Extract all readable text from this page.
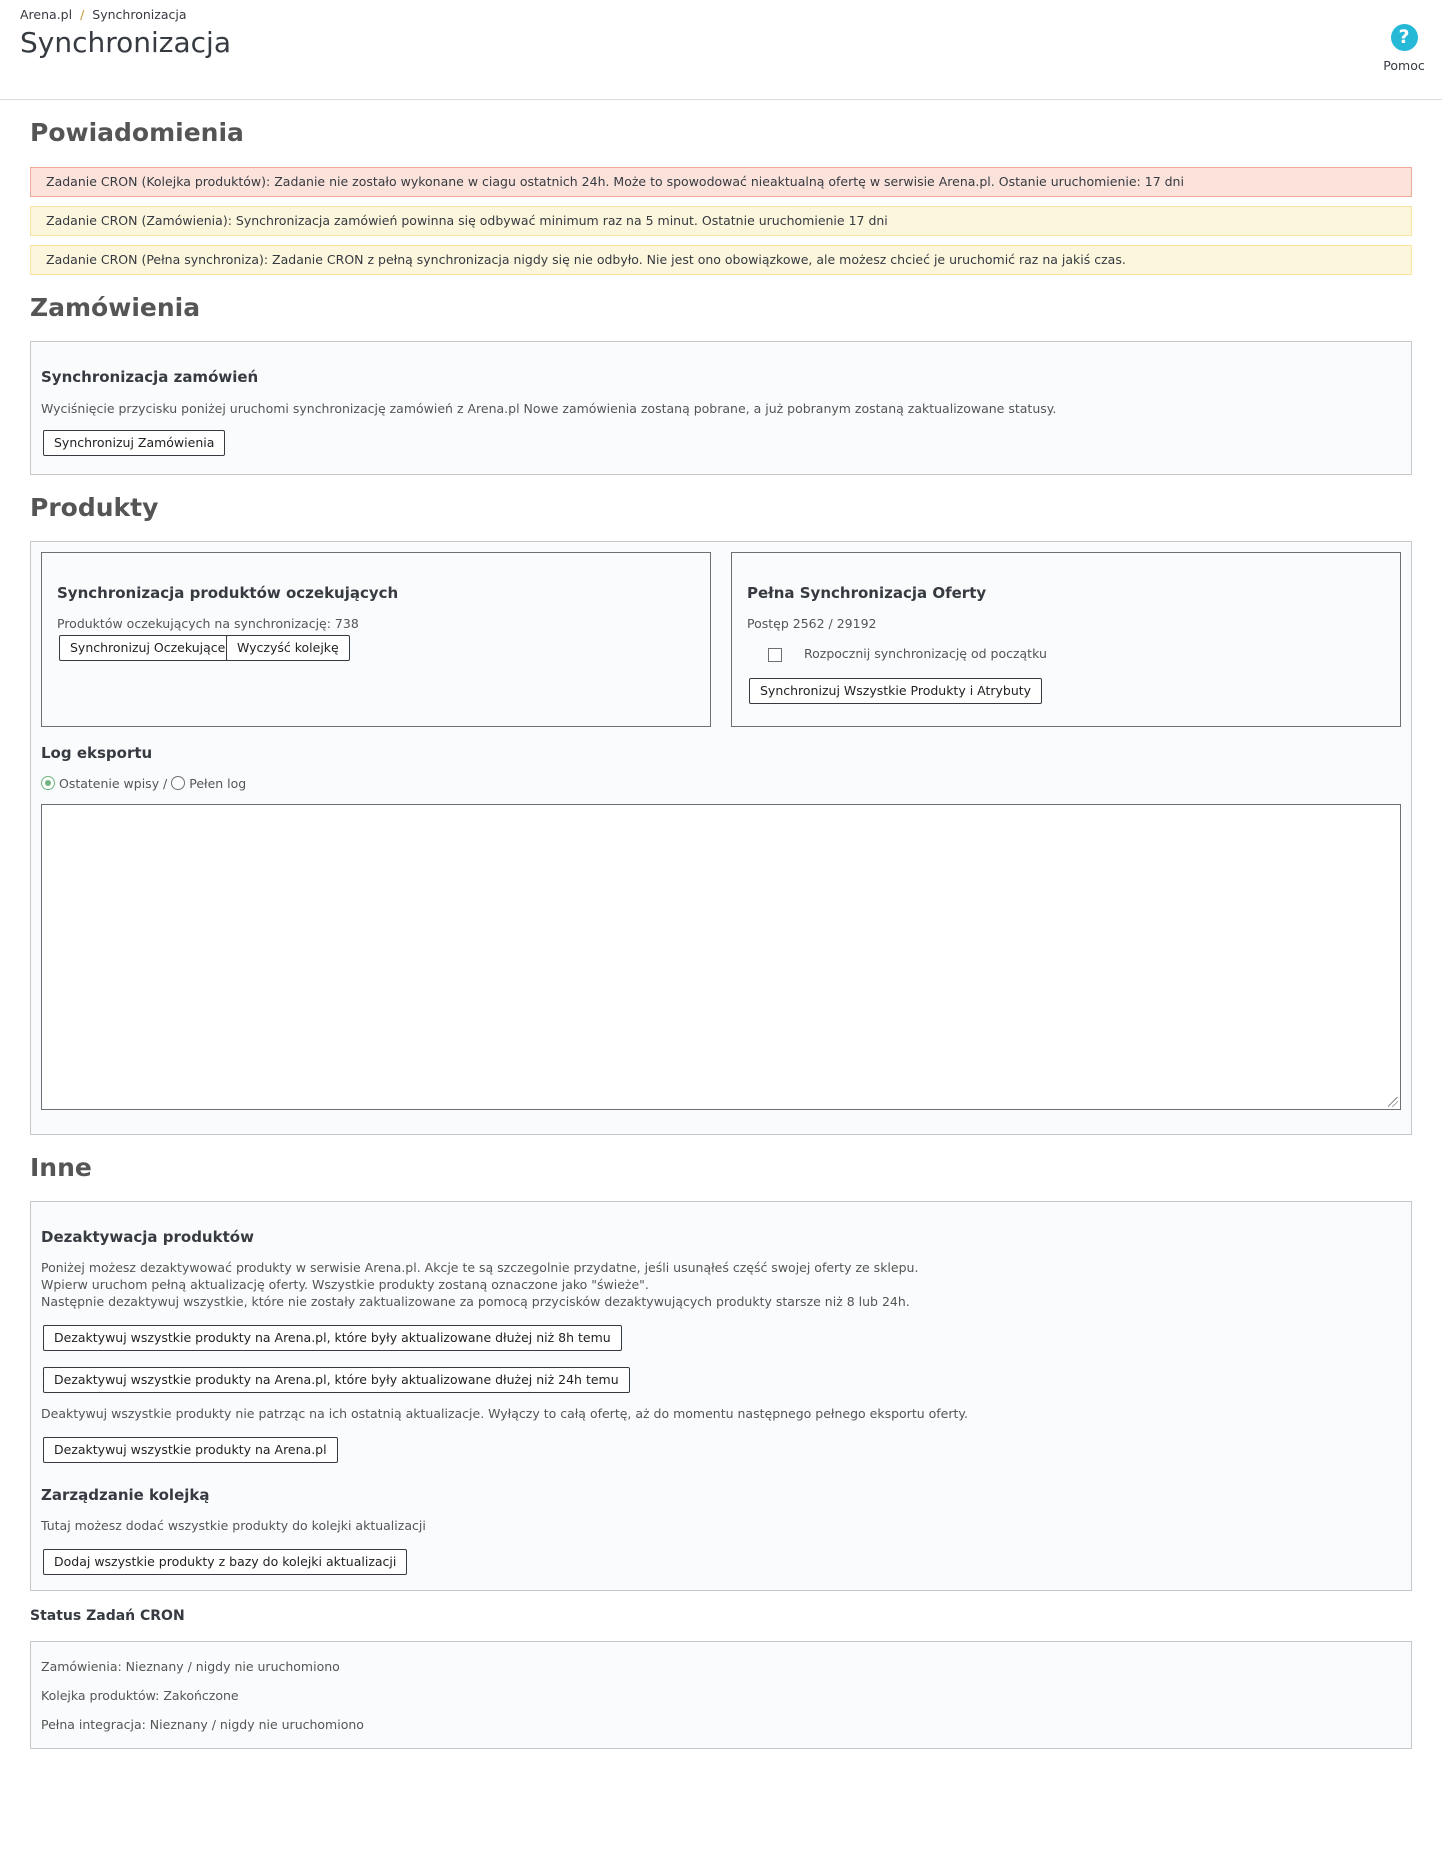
Arena.pl / Synchronizacja
Synchronizacja	?
Pomoc
Powiadomienia
Zadanie CRON (Kolejka produktów): Zadanie nie zostało wykonane w ciagu ostatnich 24h. Może to spowodować nieaktualną ofertę w serwisie Arena.pl. Ostanie uruchomienie: 17 dni
Zadanie CRON (Zamówienia): Synchronizacja zamówień powinna się odbywać minimum raz na 5 minut. Ostatnie uruchomienie 17 dni
Zadanie CRON (Pełna synchroniza): Zadanie CRON z pełną synchronizacja nigdy się nie odbyło. Nie jest ono obowiązkowe, ale możesz chcieć je uruchomić raz na jakiś czas.
Zamówienia
Synchronizacja zamówień
Wyciśnięcie przycisku poniżej uruchomi synchronizację zamówień z Arena.pl Nowe zamówienia zostaną pobrane, a już pobranym zostaną zaktualizowane statusy.
Synchronizuj Zamówienia
Produkty
Synchronizacja produktów oczekujących
Produktów oczekujących na synchronizację: 738
Synchronizuj Oczekujące Wyczyść kolejkę
Pełna Synchronizacja Oferty
Postęp 2562 / 29192
Rozpocznij synchronizację od początku
Synchronizuj Wszystkie Produkty i Atrybuty
Log eksportu
Ostatenie wpisy / Pełen log
Inne
Dezaktywacja produktów
Poniżej możesz dezaktywować produkty w serwisie Arena.pl. Akcje te są szczegolnie przydatne, jeśli usunąłeś część swojej oferty ze sklepu.
Wpierw uruchom pełną aktualizację oferty. Wszystkie produkty zostaną oznaczone jako "świeże".
Następnie dezaktywuj wszystkie, które nie zostały zaktualizowane za pomocą przycisków dezaktywujących produkty starsze niż 8 lub 24h.
Dezaktywuj wszystkie produkty na Arena.pl, które były aktualizowane dłużej niż 8h temu
Dezaktywuj wszystkie produkty na Arena.pl, które były aktualizowane dłużej niż 24h temu
Deaktywuj wszystkie produkty nie patrząc na ich ostatnią aktualizacje. Wyłączy to całą ofertę, aż do momentu następnego pełnego eksportu oferty.
Dezaktywuj wszystkie produkty na Arena.pl
Zarządzanie kolejką
Tutaj możesz dodać wszystkie produkty do kolejki aktualizacji
Dodaj wszystkie produkty z bazy do kolejki aktualizacji
Status Zadań CRON
Zamówienia: Nieznany / nigdy nie uruchomiono
Kolejka produktów: Zakończone
Pełna integracja: Nieznany / nigdy nie uruchomiono
